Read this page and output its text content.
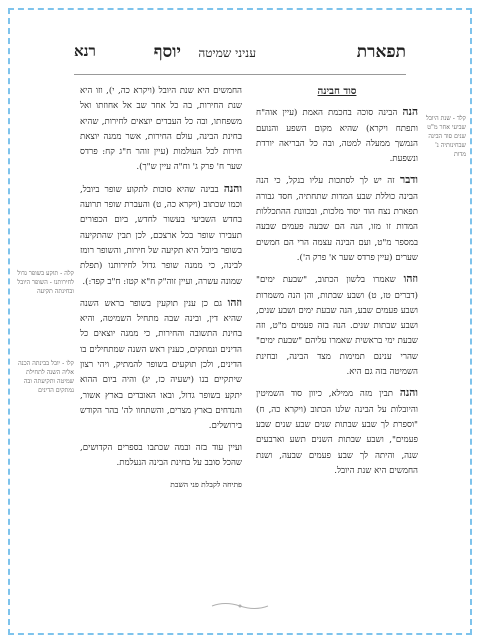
תפארת
עניני שמיטה
יוסף
רנא
סוד חבינה

הנה הבינה סוכה בחכמת האמת (עיין אוה"ח ותפתח ויקרא) שהיא מקום השפע והנועם הנמשך ממעלה למטה, ובה כל הבריאה יורדת ונשפעת.

ודבר זה יש לך לסתכות עליו בנקל, כי הנה הבינה כוללת שבע המדות שתחתיה, חסד גבורה תפארת נצח הוד יסוד מלכות, ובכוונת ההתכללות המדות זו מזו, הנה הם שבעה פעמים שבעה במספר מ"ט, ועם הבינה עצמה הרי הם חמשים שערים (עיין פרדס שער א' פרק ה').

וזהו שאמרו בלשון הכתוב, "שבעת ימים" (דברים טז, ט) ושבע שבתות, והן הנה משמרות ושבע פעמים שבע, הנה שבעת ימים ושבע שנים, ושבע שבתות שנים. הנה בזה פעמים מ"ט, וזה שבעת ימי בראשית שאמרו עליהם "שבעת ימים" שהרי ענינם תמימות מצד הבינה, ובחינת השמיטה בזה גם היא.

והנה תבין מזה ממילא, כיוון סוד השמיטין והיובלות על הבינה שלנו הכתוב (ויקרא כה, ח) "וספרת לך שבע שבתות שנים שבע שנים שבע פעמים", ושבע שבתות השנים תשע וארבעים שנה, והיתה לך שבע פעמים שבעה, ושנת החמשים היא שנת היובל.

החמשים היא שנת היובל (ויקרא כה, י), וזו היא שנת החירות, בה כל אחד שב אל אחוזתו ואל משפחתו, ובה כל העבדים יוצאים לחירות, שהיא בחינת הבינה, עולם החירות, אשר ממנה יוצאת חירות לכל העולמות (עיין זוהר ח"ג קח: פרדס שער ח' פרק ג' וח"ה עיין ש"ך).

והנה בבינה שהיא סוכות לתקוע שופר ביובל, וכמו שכתוב (ויקרא כה, ט) והעברת שופר תרועה בחדש השביעי בעשור לחדש, ביום הכפורים תעבירו שופר בכל ארצכם, לכן תבין שהתקיעה בשופר ביובל היא תקיעה של חירות, והשופר רומז לבינה, כי ממנה שופר גדול לחירותנו (תפלת שמונה עשרה, ועיין זוה"ק ח"א קטז: ח"ב קפד:).

וזהו גם כן ענין תוקעין בשופר בראש השנה שהיא דין, ובינה שבה מתחיל השמיטה, והיא בחינת התשובה והחירות, כי ממנה יוצאים כל הדינים ונמתקים, כענין ראש השנה שמתחילים בו הדינים, ולכן תוקעים בשופר להמתיק, ויהי רצון שיתקיים בנו (ישעיה כז, יג) והיה ביום ההוא יתקע בשופר גדול, ובאו האובדים בארץ אשור, והנדחים בארץ מצרים, והשתחוו לה' בהר הקודש בירושלים.

ועיין עוד בזה ובמה שכתבו בספרים הקדושים, שהכל סובב על בחינת הבינה הנעלמת.

פתיחה לקבלת פני השבת

קלד - שנת היובל שביעי אחר מ"ט שנים סוד הבינה שבחינותיה נ' מדות
קלה - תוקע בשופר גדול לחירותנו - השופר היובל ובחינתה תקיעה
קלו - יובל בבינתה הכנה אליה השנה לתחילת שמיטה ותקיעתה ובה נמתקים הדינים
